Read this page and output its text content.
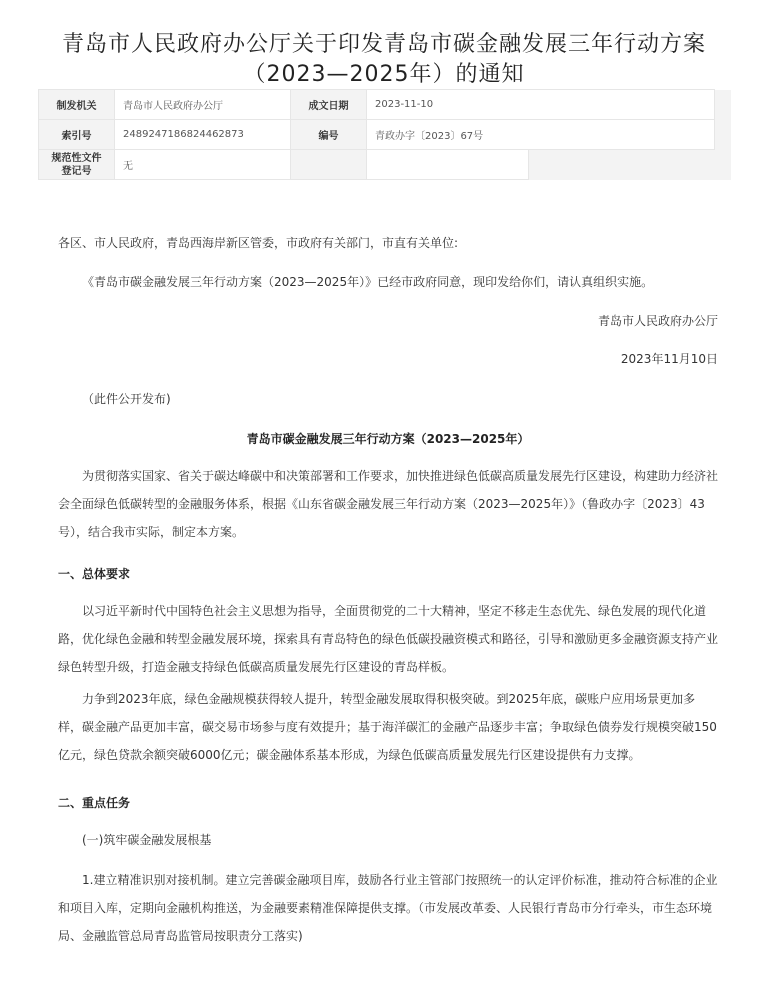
青岛市人民政府办公厅关于印发青岛市碳金融发展三年行动方案（2023—2025年）的通知
制发机关	青岛市人民政府办公厅	成文日期	2023-11-10		
索引号	2489247186824462873	编号	青政办字〔2023〕67号		
规范性文件登记号	无				

各区、市人民政府，青岛西海岸新区管委，市政府有关部门，市直有关单位:

《青岛市碳金融发展三年行动方案（2023—2025年）》已经市政府同意，现印发给你们，请认真组织实施。

青岛市人民政府办公厅

2023年11月10日

（此件公开发布)

青岛市碳金融发展三年行动方案（2023—2025年）

为贯彻落实国家、省关于碳达峰碳中和决策部署和工作要求，加快推进绿色低碳高质量发展先行区建设，构建助力经济社会全面绿色低碳转型的金融服务体系，根据《山东省碳金融发展三年行动方案（2023—2025年）》（鲁政办字〔2023〕43号），结合我市实际，制定本方案。

一、总体要求

以习近平新时代中国特色社会主义思想为指导，全面贯彻党的二十大精神，坚定不移走生态优先、绿色发展的现代化道路，优化绿色金融和转型金融发展环境，探索具有青岛特色的绿色低碳投融资模式和路径，引导和激励更多金融资源支持产业绿色转型升级，打造金融支持绿色低碳高质量发展先行区建设的青岛样板。

力争到2023年底，绿色金融规模获得较人提升，转型金融发展取得积极突破。到2025年底，碳账户应用场景更加多样，碳金融产品更加丰富，碳交易市场参与度有效提升；基于海洋碳汇的金融产品逐步丰富；争取绿色债券发行规模突破150亿元，绿色贷款余额突破6000亿元；碳金融体系基本形成，为绿色低碳高质量发展先行区建设提供有力支撑。

二、重点任务

(一)筑牢碳金融发展根基

1.建立精准识别对接机制。建立完善碳金融项目库，鼓励各行业主管部门按照统一的认定评价标准，推动符合标准的企业和项目入库，定期向金融机构推送，为金融要素精准保障提供支撑。（市发展改革委、人民银行青岛市分行牵头，市生态环境局、金融监管总局青岛监管局按职责分工落实)
